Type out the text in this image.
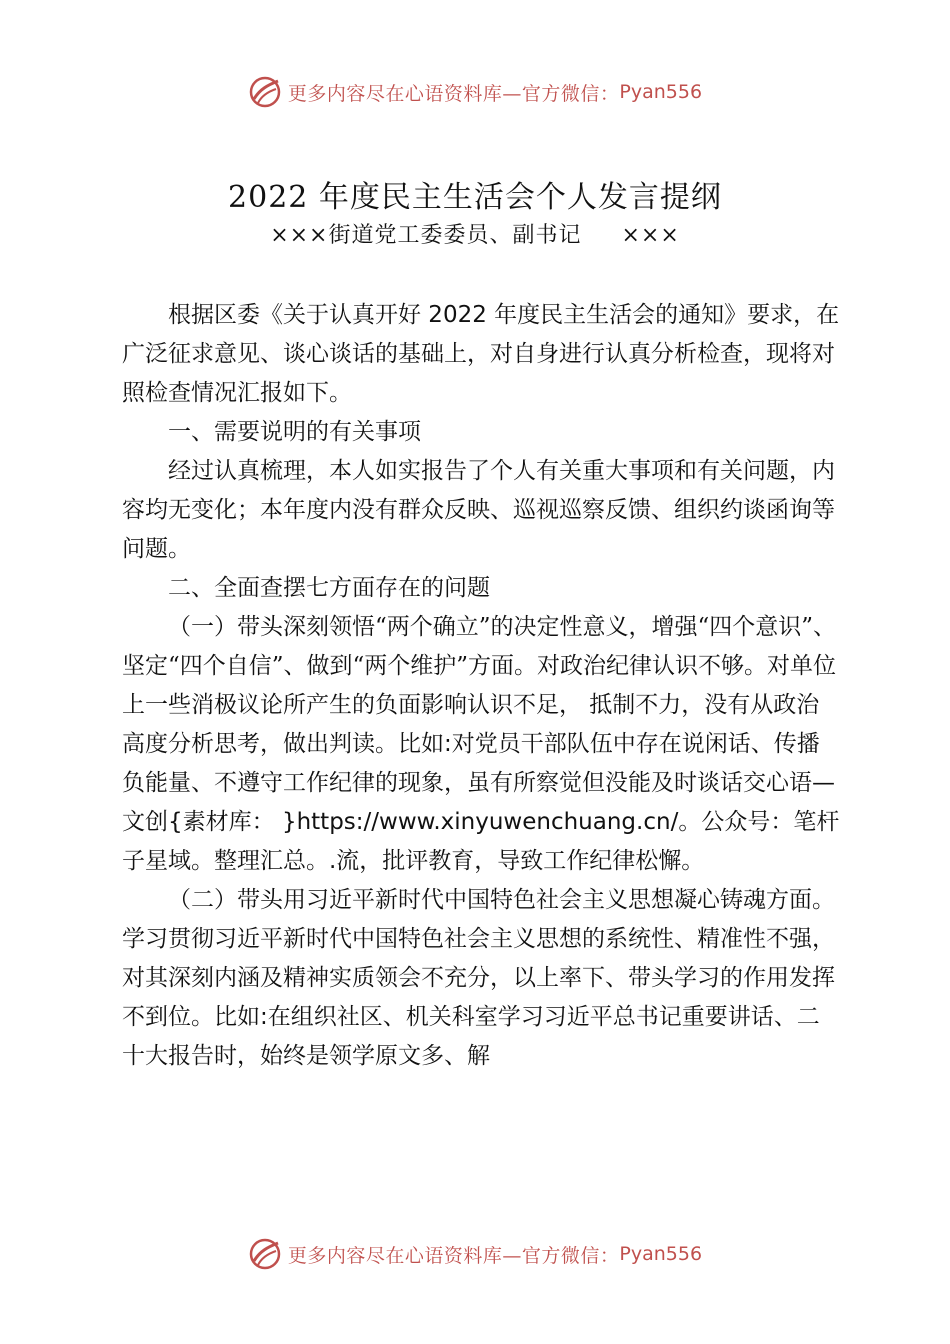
更多内容尽在心语资料库—官方微信： Pyan556
2022 年度民主生活会个人发言提纲
×××街道党工委委员、副书记 ×××

根据区委《关于认真开好 2022 年度民主生活会的通知》要求，在广泛征求意见、谈心谈话的基础上，对自身进行认真分析检查，现将对照检查情况汇报如下。

一、需要说明的有关事项

经过认真梳理，本人如实报告了个人有关重大事项和有关问题，内容均无变化；本年度内没有群众反映、巡视巡察反馈、组织约谈函询等问题。

二、全面查摆七方面存在的问题

（一）带头深刻领悟“两个确立”的决定性意义，增强“四个意识”、坚定“四个自信”、做到“两个维护”方面。对政治纪律认识不够。对单位上一些消极议论所产生的负面影响认识不足， 抵制不力，没有从政治高度分析思考，做出判读。比如:对党员干部队伍中存在说闲话、传播负能量、不遵守工作纪律的现象，虽有所察觉但没能及时谈话交心语—文创{素材库： }https://www.xinyuwenchuang.cn/。公众号：笔杆子星域。整理汇总。.流，批评教育，导致工作纪律松懈。

（二）带头用习近平新时代中国特色社会主义思想凝心铸魂方面。学习贯彻习近平新时代中国特色社会主义思想的系统性、精准性不强，对其深刻内涵及精神实质领会不充分，以上率下、带头学习的作用发挥不到位。比如:在组织社区、机关科室学习习近平总书记重要讲话、二十大报告时，始终是领学原文多、解

更多内容尽在心语资料库—官方微信： Pyan556
